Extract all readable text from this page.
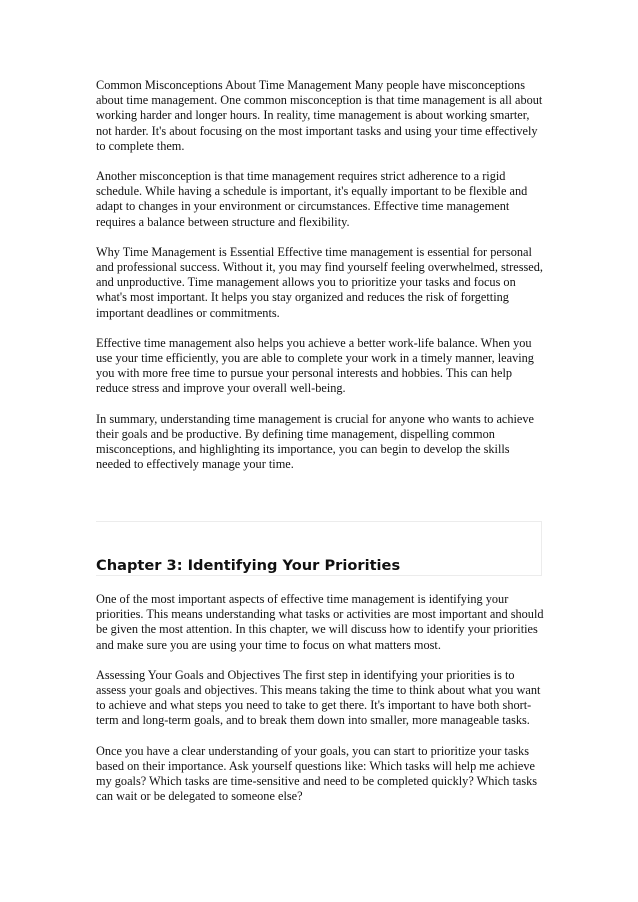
Common Misconceptions About Time Management Many people have misconceptions about time management. One common misconception is that time management is all about working harder and longer hours. In reality, time management is about working smarter, not harder. It's about focusing on the most important tasks and using your time effectively to complete them.

Another misconception is that time management requires strict adherence to a rigid schedule. While having a schedule is important, it's equally important to be flexible and adapt to changes in your environment or circumstances. Effective time management requires a balance between structure and flexibility.

Why Time Management is Essential Effective time management is essential for personal and professional success. Without it, you may find yourself feeling overwhelmed, stressed, and unproductive. Time management allows you to prioritize your tasks and focus on what's most important. It helps you stay organized and reduces the risk of forgetting important deadlines or commitments.

Effective time management also helps you achieve a better work-life balance. When you use your time efficiently, you are able to complete your work in a timely manner, leaving you with more free time to pursue your personal interests and hobbies. This can help reduce stress and improve your overall well-being.

In summary, understanding time management is crucial for anyone who wants to achieve their goals and be productive. By defining time management, dispelling common misconceptions, and highlighting its importance, you can begin to develop the skills needed to effectively manage your time.

Chapter 3: Identifying Your Priorities

One of the most important aspects of effective time management is identifying your priorities. This means understanding what tasks or activities are most important and should be given the most attention. In this chapter, we will discuss how to identify your priorities and make sure you are using your time to focus on what matters most.

Assessing Your Goals and Objectives The first step in identifying your priorities is to assess your goals and objectives. This means taking the time to think about what you want to achieve and what steps you need to take to get there. It's important to have both short-term and long-term goals, and to break them down into smaller, more manageable tasks.

Once you have a clear understanding of your goals, you can start to prioritize your tasks based on their importance. Ask yourself questions like: Which tasks will help me achieve my goals? Which tasks are time-sensitive and need to be completed quickly? Which tasks can wait or be delegated to someone else?
